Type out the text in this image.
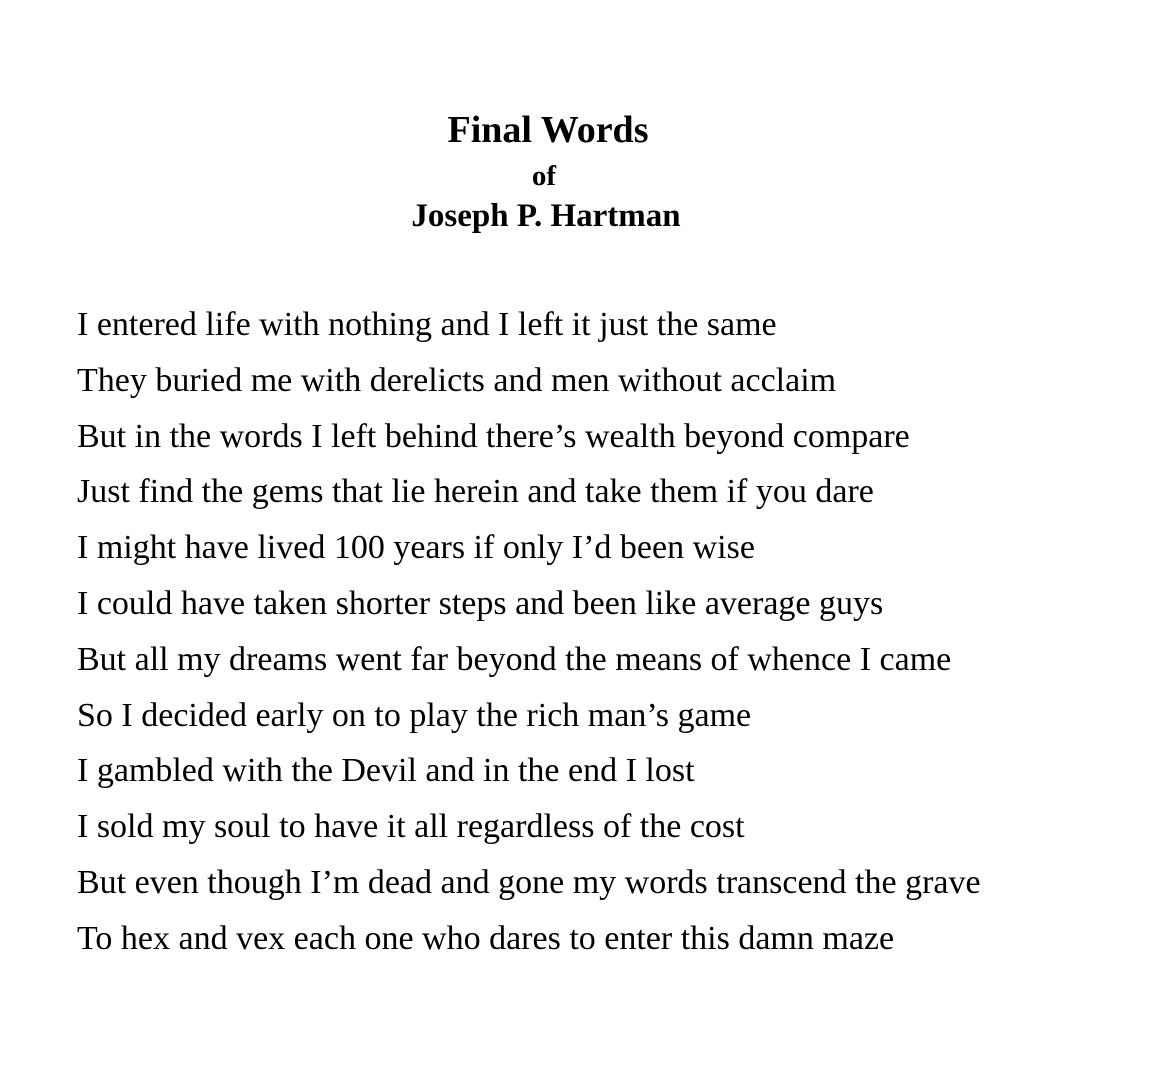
Final Words
of
Joseph P. Hartman
I entered life with nothing and I left it just the same
They buried me with derelicts and men without acclaim
But in the words I left behind there’s wealth beyond compare
Just find the gems that lie herein and take them if you dare
I might have lived 100 years if only I’d been wise
I could have taken shorter steps and been like average guys
But all my dreams went far beyond the means of whence I came
So I decided early on to play the rich man’s game
I gambled with the Devil and in the end I lost
I sold my soul to have it all regardless of the cost
But even though I’m dead and gone my words transcend the grave
To hex and vex each one who dares to enter this damn maze
